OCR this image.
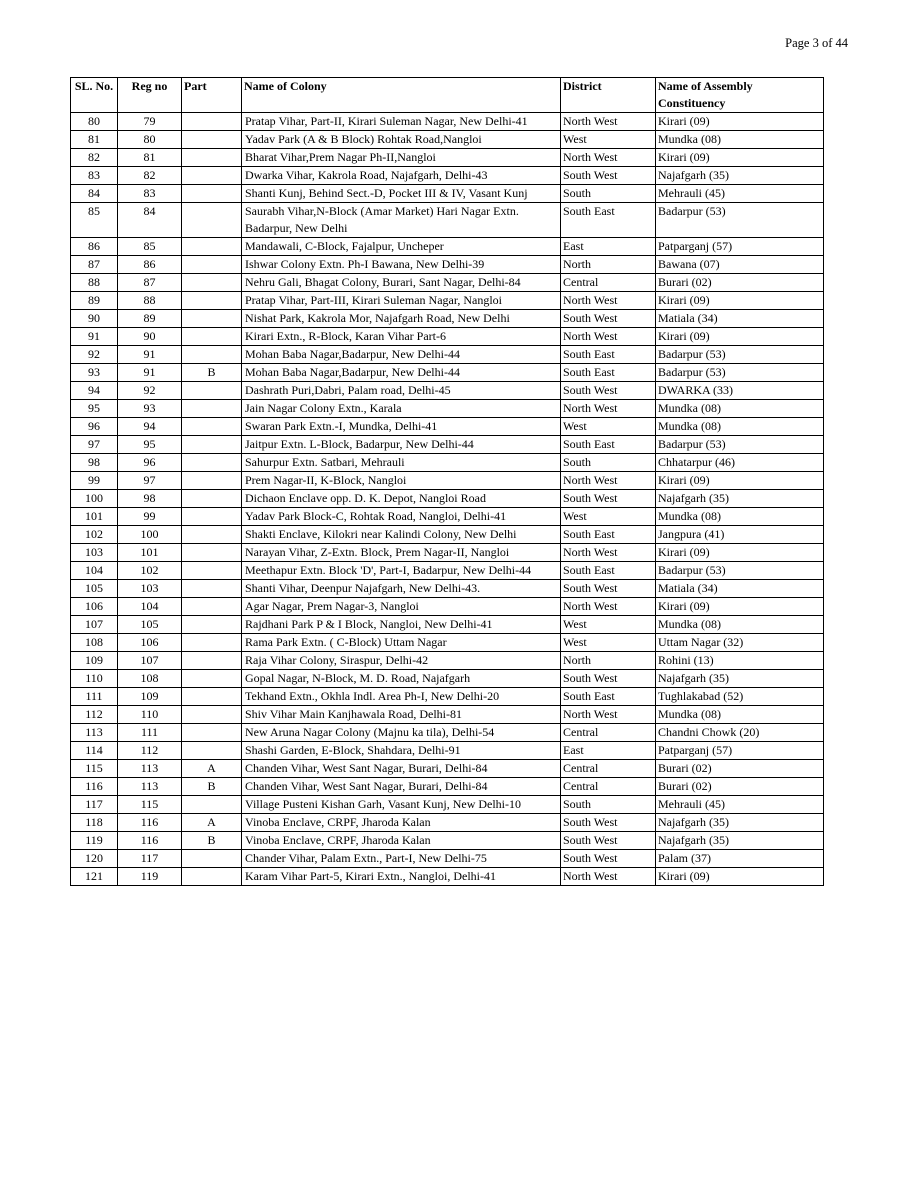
Page 3 of 44
SL. No.	Reg no	Part	Name of Colony	District	Name of Assembly Constituency
80	79		Pratap Vihar, Part-II, Kirari Suleman Nagar, New Delhi-41	North West	Kirari (09)
81	80		Yadav Park (A & B Block) Rohtak Road,Nangloi	West	Mundka (08)
82	81		Bharat Vihar,Prem Nagar Ph-II,Nangloi	North West	Kirari (09)
83	82		Dwarka Vihar, Kakrola Road, Najafgarh, Delhi-43	South West	Najafgarh (35)
84	83		Shanti Kunj, Behind Sect.-D, Pocket III & IV, Vasant Kunj	South	Mehrauli (45)
85	84		Saurabh Vihar,N-Block (Amar Market) Hari Nagar Extn. Badarpur, New Delhi	South East	Badarpur (53)
86	85		Mandawali, C-Block, Fajalpur, Uncheper	East	Patparganj (57)
87	86		Ishwar Colony Extn. Ph-I Bawana, New Delhi-39	North	Bawana (07)
88	87		Nehru Gali, Bhagat Colony, Burari, Sant Nagar, Delhi-84	Central	Burari (02)
89	88		Pratap Vihar, Part-III, Kirari Suleman Nagar, Nangloi	North West	Kirari (09)
90	89		Nishat Park, Kakrola Mor, Najafgarh Road, New Delhi	South West	Matiala (34)
91	90		Kirari Extn., R-Block, Karan Vihar Part-6	North West	Kirari (09)
92	91		Mohan Baba Nagar,Badarpur, New Delhi-44	South East	Badarpur (53)
93	91	B	Mohan Baba Nagar,Badarpur, New Delhi-44	South East	Badarpur (53)
94	92		Dashrath Puri,Dabri, Palam road, Delhi-45	South West	DWARKA (33)
95	93		Jain Nagar Colony Extn., Karala	North West	Mundka (08)
96	94		Swaran Park Extn.-I, Mundka, Delhi-41	West	Mundka (08)
97	95		Jaitpur Extn. L-Block, Badarpur, New Delhi-44	South East	Badarpur (53)
98	96		Sahurpur Extn. Satbari, Mehrauli	South	Chhatarpur (46)
99	97		Prem Nagar-II, K-Block, Nangloi	North West	Kirari (09)
100	98		Dichaon Enclave opp. D. K. Depot, Nangloi Road	South West	Najafgarh (35)
101	99		Yadav Park Block-C, Rohtak Road, Nangloi, Delhi-41	West	Mundka (08)
102	100		Shakti Enclave, Kilokri near Kalindi Colony, New Delhi	South East	Jangpura (41)
103	101		Narayan Vihar, Z-Extn. Block, Prem Nagar-II, Nangloi	North West	Kirari (09)
104	102		Meethapur Extn. Block 'D', Part-I, Badarpur, New Delhi-44	South East	Badarpur (53)
105	103		Shanti Vihar, Deenpur Najafgarh, New Delhi-43.	South West	Matiala (34)
106	104		Agar Nagar, Prem Nagar-3, Nangloi	North West	Kirari (09)
107	105		Rajdhani Park P & I Block, Nangloi, New Delhi-41	West	Mundka (08)
108	106		Rama Park Extn. ( C-Block) Uttam Nagar	West	Uttam Nagar (32)
109	107		Raja Vihar Colony, Siraspur, Delhi-42	North	Rohini (13)
110	108		Gopal Nagar, N-Block, M. D. Road, Najafgarh	South West	Najafgarh (35)
111	109		Tekhand Extn., Okhla Indl. Area Ph-I, New Delhi-20	South East	Tughlakabad (52)
112	110		Shiv Vihar Main Kanjhawala Road, Delhi-81	North West	Mundka (08)
113	111		New Aruna Nagar Colony (Majnu ka tila), Delhi-54	Central	Chandni Chowk (20)
114	112		Shashi Garden, E-Block, Shahdara, Delhi-91	East	Patparganj (57)
115	113	A	Chanden Vihar, West Sant Nagar, Burari, Delhi-84	Central	Burari (02)
116	113	B	Chanden Vihar, West Sant Nagar, Burari, Delhi-84	Central	Burari (02)
117	115		Village Pusteni Kishan Garh, Vasant Kunj, New Delhi-10	South	Mehrauli (45)
118	116	A	Vinoba Enclave, CRPF, Jharoda Kalan	South West	Najafgarh (35)
119	116	B	Vinoba Enclave, CRPF, Jharoda Kalan	South West	Najafgarh (35)
120	117		Chander Vihar, Palam Extn., Part-I, New Delhi-75	South West	Palam (37)
121	119		Karam Vihar Part-5, Kirari Extn., Nangloi, Delhi-41	North West	Kirari (09)
